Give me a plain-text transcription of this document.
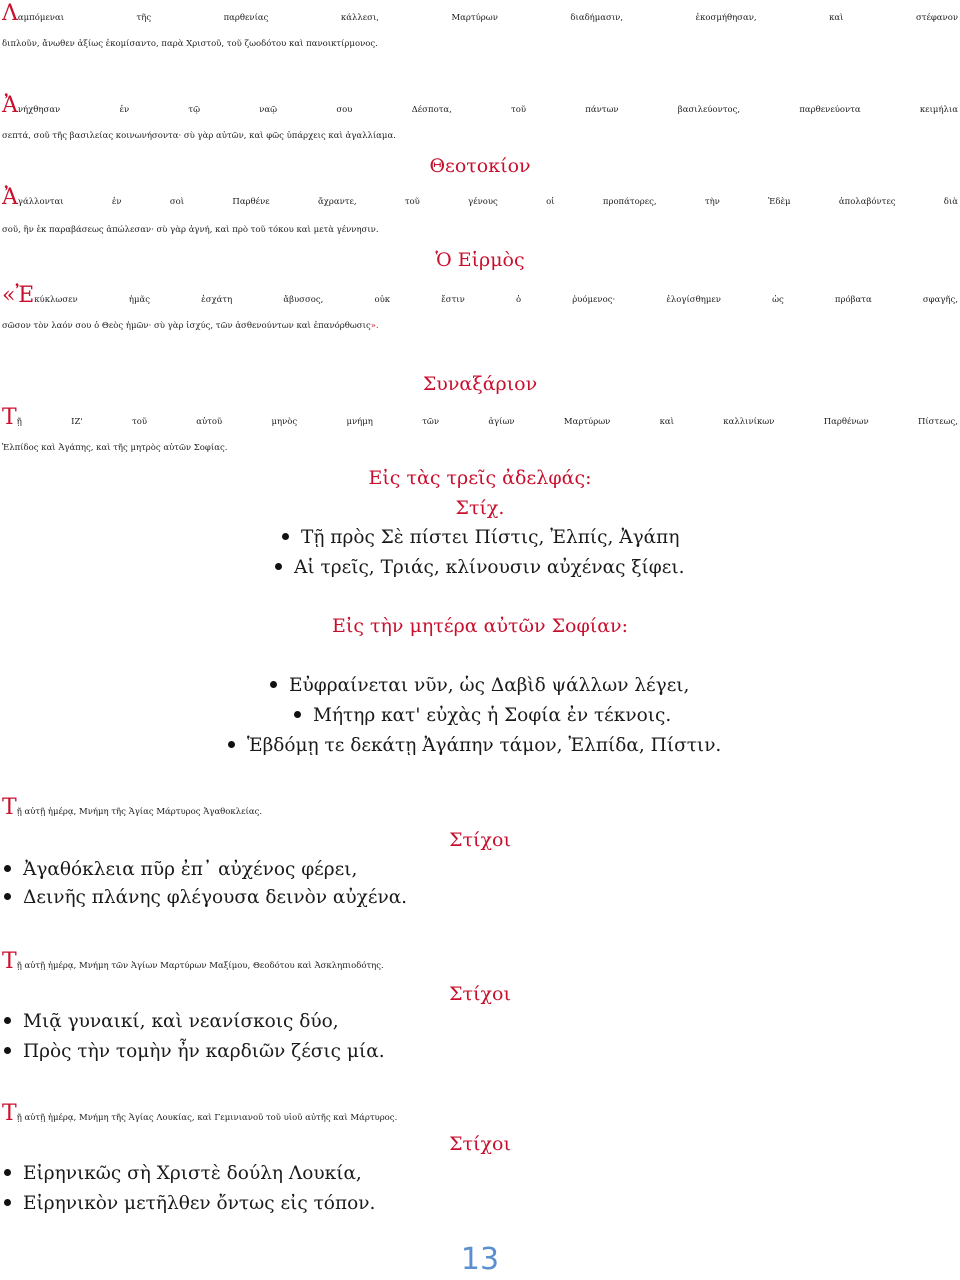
Λαμπόμεναι τῆς παρθενίας κάλλεσι, Μαρτύρων διαδήμασιν, ἐκοσμήθησαν, καὶ στέφανον
διπλοῦν, ἄνωθεν ἀξίως ἐκομίσαντο, παρὰ Χριστοῦ, τοῦ ζωοδότου καὶ πανοικτίρμονος.
Ἀνήχθησαν ἐν τῷ ναῷ σου Δέσποτα, τοῦ πάντων βασιλεύοντος, παρθενεύοντα κειμήλια
σεπτά, σοῦ τῆς βασιλείας κοινωνήσοντα· σὺ γὰρ αὐτῶν, καὶ φῶς ὑπάρχεις καὶ ἀγαλλίαμα.
Θεοτοκίον
Ἀγάλλονται ἐν σοὶ Παρθένε ἄχραντε, τοῦ γένους οἱ προπάτορες, τὴν Ἐδὲμ ἀπολαβόντες διὰ
σοῦ, ἣν ἐκ παραβάσεως ἀπώλεσαν· σὺ γὰρ ἁγνή, καὶ πρὸ τοῦ τόκου καὶ μετὰ γέννησιν.
Ὁ Εἱρμὸς
«Ἐκύκλωσεν ἡμᾶς ἐσχάτη ἄβυσσος, οὐκ ἔστιν ὁ ῥυόμενος· ἐλογίσθημεν ὡς πρόβατα σφαγῆς,
σῶσον τὸν λαόν σου ὁ Θεὸς ἡμῶν· σὺ γὰρ ἰσχύς, τῶν ἀσθενούντων καὶ ἐπανόρθωσις».
Συναξάριον
Τῇ ΙΖ' τοῦ αὐτοῦ μηνὸς μνήμη τῶν ἁγίων Μαρτύρων καὶ καλλινίκων Παρθένων Πίστεως,
Ἐλπίδος καὶ Ἀγάπης, καὶ τῆς μητρὸς αὐτῶν Σοφίας.
Εἰς τὰς τρεῖς ἀδελφάς:
Στίχ.
Τῇ πρὸς Σὲ πίστει Πίστις, Ἐλπίς, Ἀγάπη
Αἱ τρεῖς, Τριάς, κλίνουσιν αὐχένας ξίφει.
Εἰς τὴν μητέρα αὐτῶν Σοφίαν:
Εὐφραίνεται νῦν, ὡς Δαβὶδ ψάλλων λέγει,
Μήτηρ κατ' εὐχὰς ἡ Σοφία ἐν τέκνοις.
Ἑβδόμῃ τε δεκάτῃ Ἀγάπην τάμον, Ἐλπίδα, Πίστιν.
Τῇ αὐτῇ ἡμέρᾳ, Μνήμη τῆς Ἁγίας Μάρτυρος Ἀγαθοκλείας.
Στίχοι
Ἀγαθόκλεια πῦρ ἐπ᾽ αὐχένος φέρει,
Δεινῆς πλάνης φλέγουσα δεινὸν αὐχένα.
Τῇ αὐτῇ ἡμέρᾳ, Μνήμη τῶν Ἁγίων Μαρτύρων Μαξίμου, Θεοδότου καὶ Ἀσκληπιοδότης.
Στίχοι
Μιᾷ γυναικί, καὶ νεανίσκοις δύο,
Πρὸς τὴν τομὴν ἦν καρδιῶν ζέσις μία.
Τῇ αὐτῇ ἡμέρᾳ, Μνήμη τῆς Ἁγίας Λουκίας, καὶ Γεμινιανοῦ τοῦ υἱοῦ αὐτῆς καὶ Μάρτυρος.
Στίχοι
Εἰρηνικῶς σὴ Χριστὲ δούλη Λουκία,
Εἰρηνικὸν μετῆλθεν ὄντως εἰς τόπον.
13
